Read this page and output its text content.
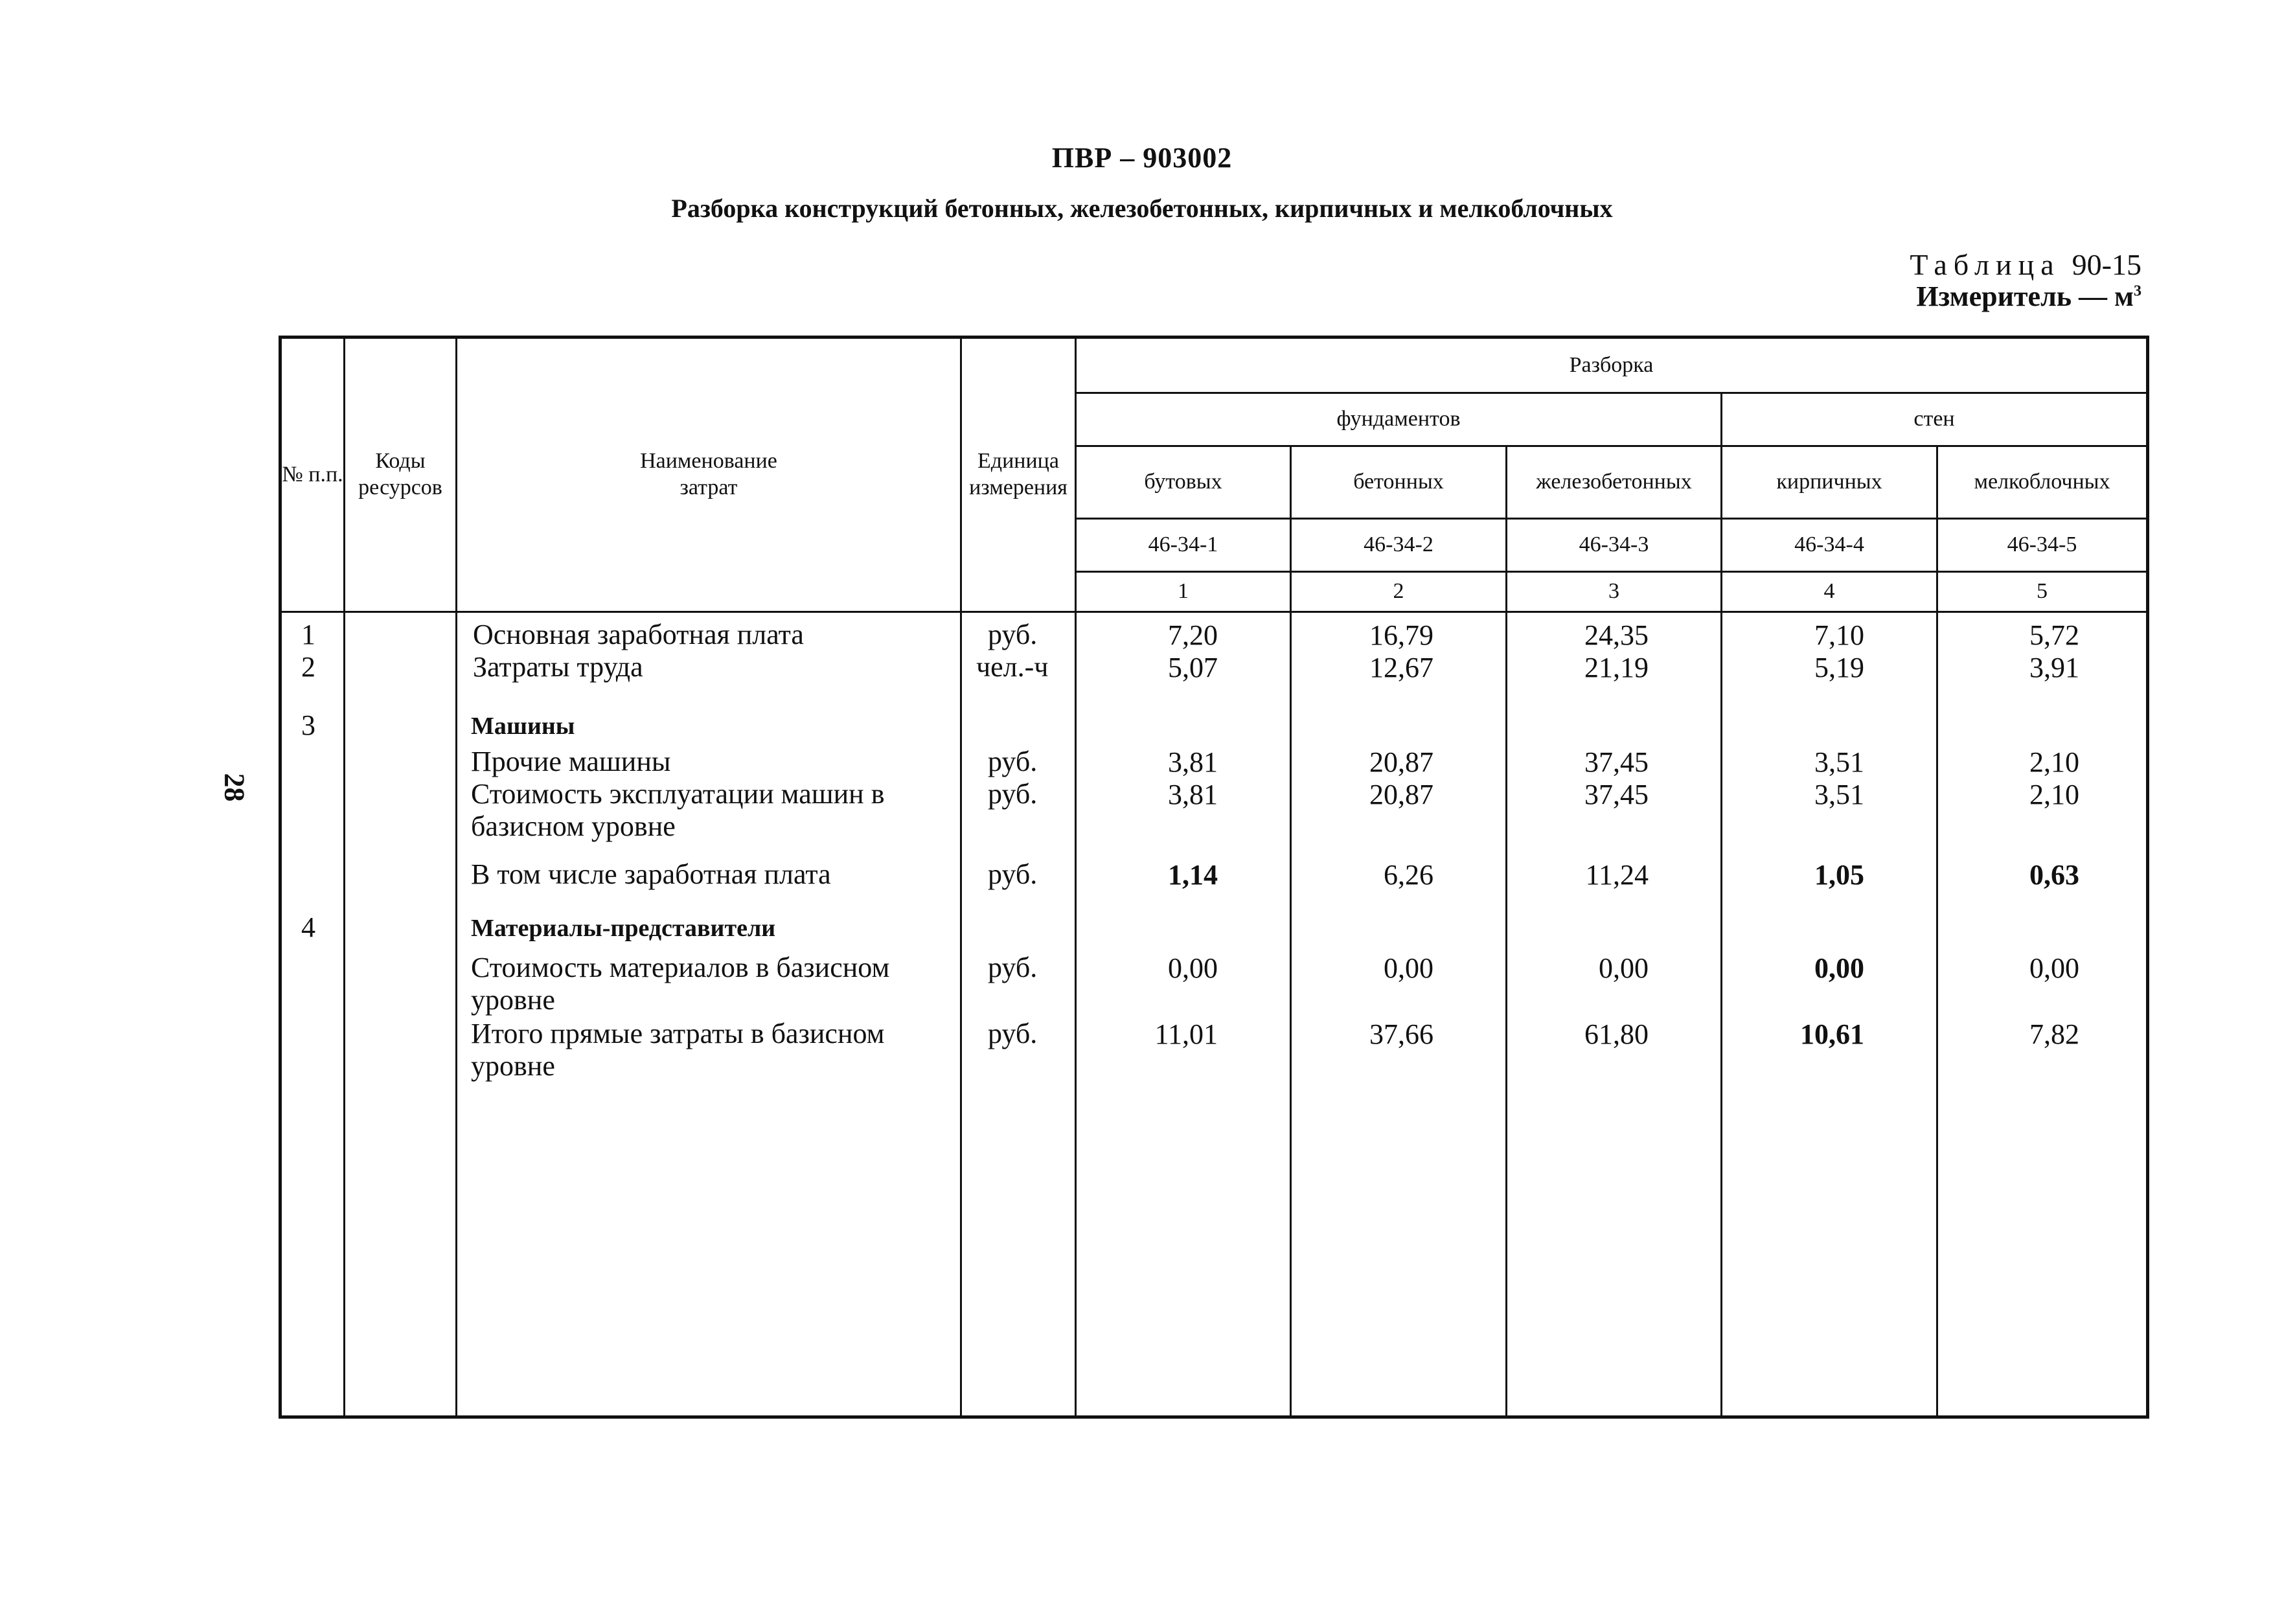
ПВР – 903002
Разборка конструкций бетонных, железобетонных, кирпичных и мелкоблочных
Таблица 90-15
Измеритель — $м^3$
28
№ п.п.
Коды ресурсов
Наименование затрат
Единица измерения
Разборка
фундаментов	стен
бутовых	бетонных	железобетонных	кирпичных	мелкоблочных
46-34-1	46-34-2	46-34-3	46-34-4	46-34-5
1	2	3	4	5
1	Основная заработная плата	руб.	7,20	16,79	24,35	7,10	5,72
2	Затраты труда	чел.-ч	5,07	12,67	21,19	5,19	3,91
3	Машины
Прочие машины	руб.	3,81	20,87	37,45	3,51	2,10
Стоимость эксплуатации машин в
базисном уровне
руб.	3,81	20,87	37,45	3,51	2,10
В том числе заработная плата	руб.	1,14	6,26	11,24	1,05	0,63
4	Материалы-представители
Стоимость материалов в базисном
уровне
руб.	0,00	0,00	0,00	0,00	0,00
Итого прямые затраты в базисном
уровне
руб.	11,01	37,66	61,80	10,61	7,82
